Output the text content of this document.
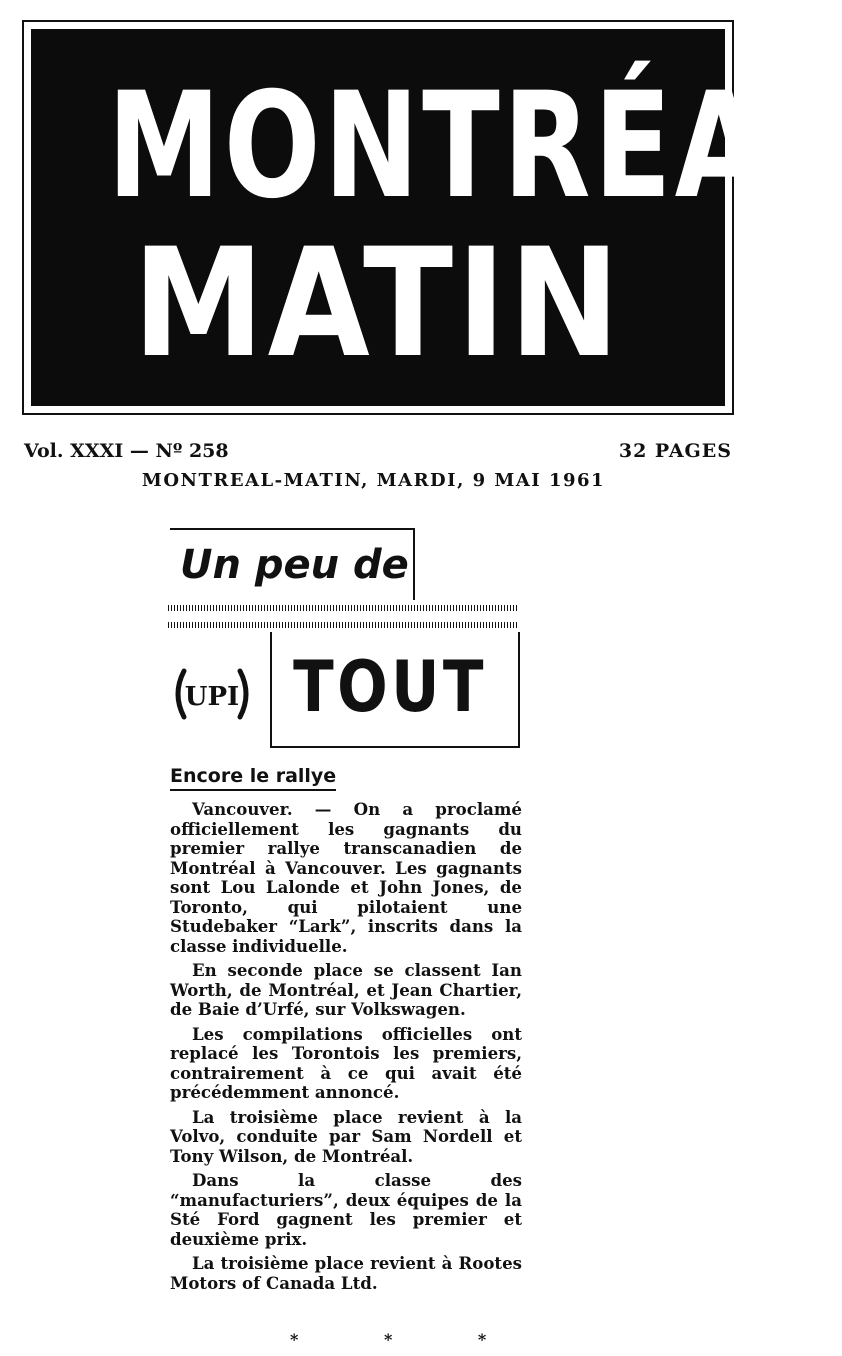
MONTRÉAL
MATIN
Vol. XXXI — Nº 258	32 PAGES
MONTREAL-MATIN, MARDI, 9 MAI 1961
Un peu de
UPI TOUT
Encore le rallye

Vancouver. — On a proclamé officiellement les gagnants du premier rallye transcanadien de Montréal à Vancouver. Les gagnants sont Lou Lalonde et John Jones, de Toronto, qui pilotaient une Studebaker “Lark”, inscrits dans la classe individuelle.

En seconde place se classent Ian Worth, de Montréal, et Jean Chartier, de Baie d’Urfé, sur Volkswagen.

Les compilations officielles ont replacé les Torontois les premiers, contrairement à ce qui avait été précédemment annoncé.

La troisième place revient à la Volvo, conduite par Sam Nordell et Tony Wilson, de Montréal.

Dans la classe des “manufacturiers”, deux équipes de la Sté Ford gagnent les premier et deuxième prix.

La troisième place revient à Rootes Motors of Canada Ltd.

* * *
